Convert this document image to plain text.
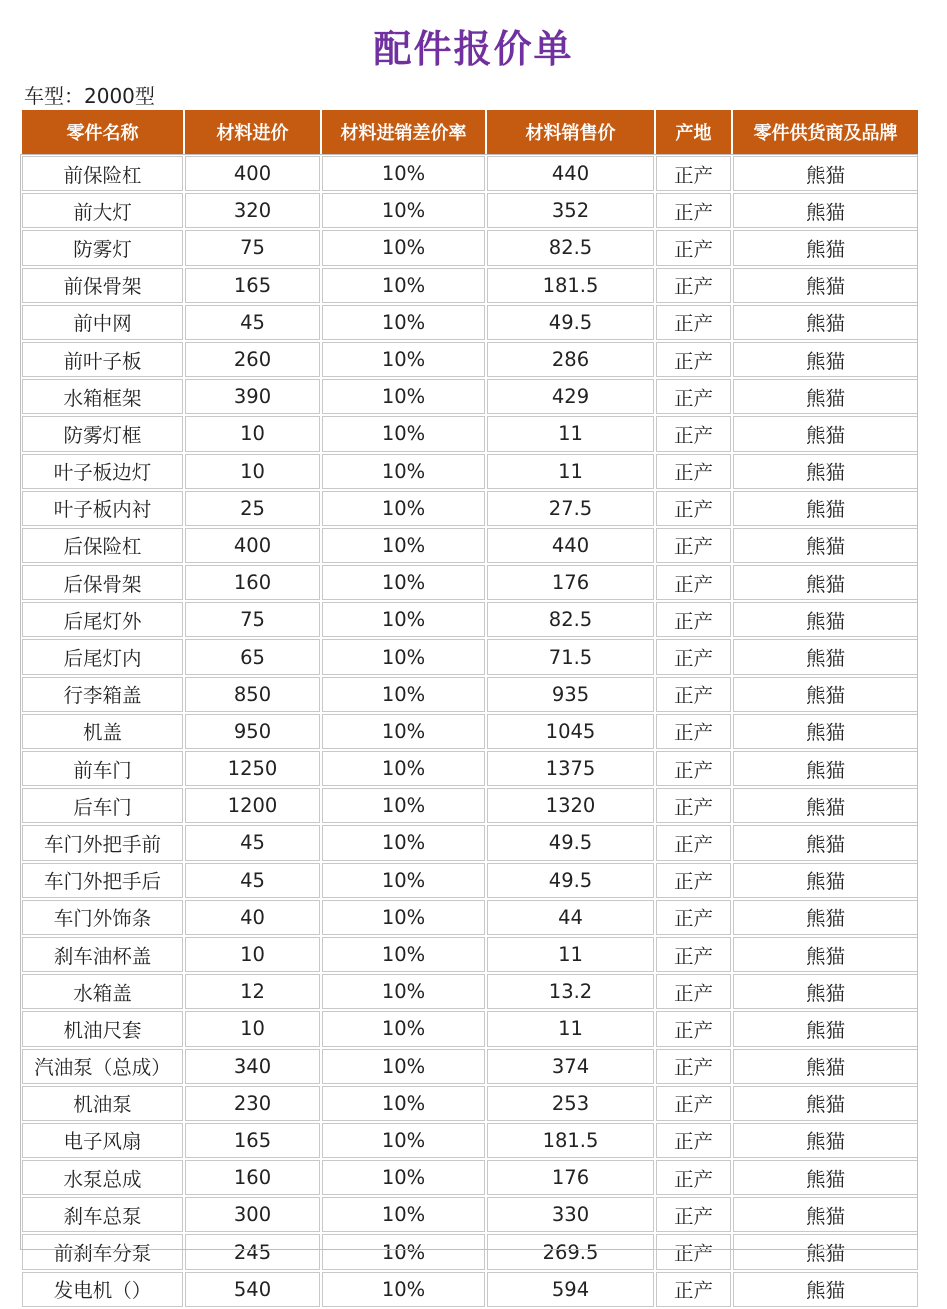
配件报价单
车型：2000型
零件名称	材料进价	材料进销差价率	材料销售价	产地	零件供货商及品牌
前保险杠	400	10%	440	正产	熊猫
前大灯	320	10%	352	正产	熊猫
防雾灯	75	10%	82.5	正产	熊猫
前保骨架	165	10%	181.5	正产	熊猫
前中网	45	10%	49.5	正产	熊猫
前叶子板	260	10%	286	正产	熊猫
水箱框架	390	10%	429	正产	熊猫
防雾灯框	10	10%	11	正产	熊猫
叶子板边灯	10	10%	11	正产	熊猫
叶子板内衬	25	10%	27.5	正产	熊猫
后保险杠	400	10%	440	正产	熊猫
后保骨架	160	10%	176	正产	熊猫
后尾灯外	75	10%	82.5	正产	熊猫
后尾灯内	65	10%	71.5	正产	熊猫
行李箱盖	850	10%	935	正产	熊猫
机盖	950	10%	1045	正产	熊猫
前车门	1250	10%	1375	正产	熊猫
后车门	1200	10%	1320	正产	熊猫
车门外把手前	45	10%	49.5	正产	熊猫
车门外把手后	45	10%	49.5	正产	熊猫
车门外饰条	40	10%	44	正产	熊猫
刹车油杯盖	10	10%	11	正产	熊猫
水箱盖	12	10%	13.2	正产	熊猫
机油尺套	10	10%	11	正产	熊猫
汽油泵（总成）	340	10%	374	正产	熊猫
机油泵	230	10%	253	正产	熊猫
电子风扇	165	10%	181.5	正产	熊猫
水泵总成	160	10%	176	正产	熊猫
刹车总泵	300	10%	330	正产	熊猫
前刹车分泵	245	10%	269.5	正产	熊猫
发电机（）	540	10%	594	正产	熊猫
